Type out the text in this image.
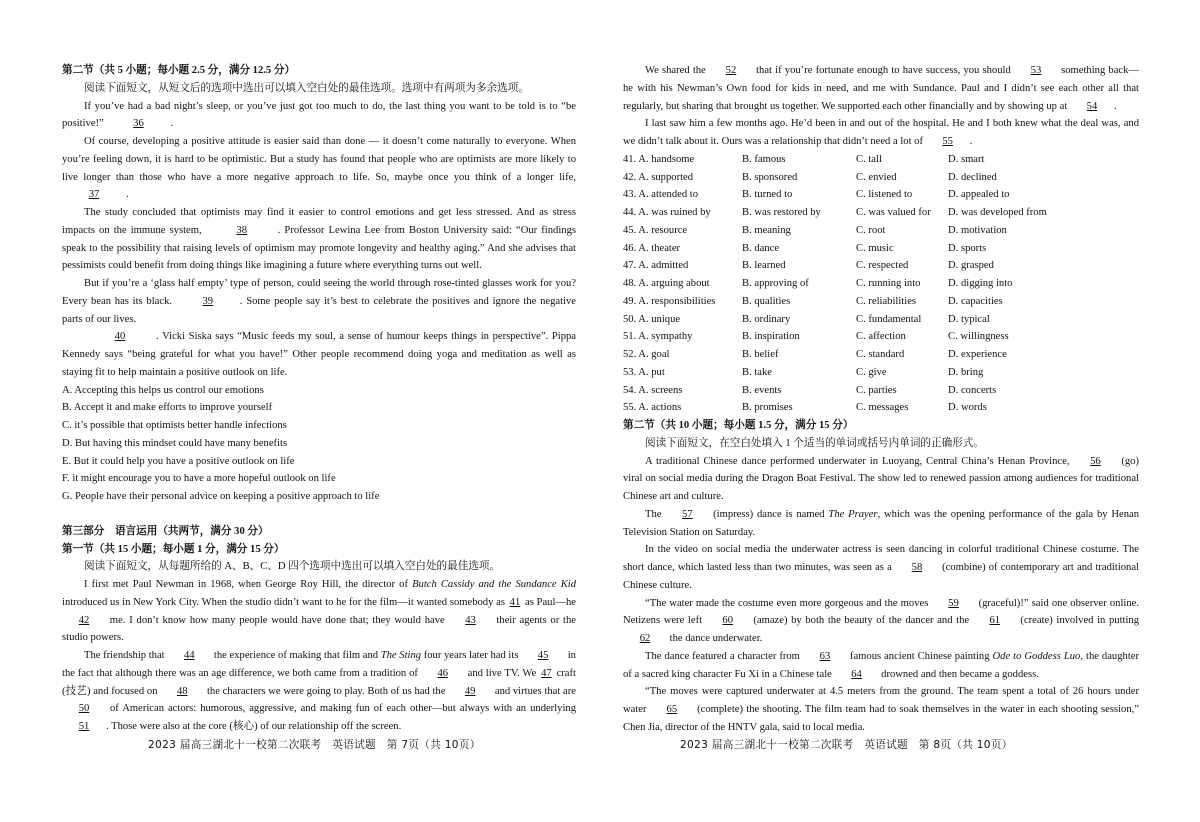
第二节（共 5 小题；每小题 2.5 分，满分 12.5 分）

阅读下面短文，从短文后的选项中选出可以填入空白处的最佳选项。选项中有两项为多余选项。

If you’ve had a bad night’s sleep, or you’ve just got too much to do, the last thing you want to be told is to “be positive!”	36	.

Of course, developing a positive attitude is easier said than done — it doesn’t come naturally to everyone. When you’re feeling down, it is hard to be optimistic. But a study has found that people who are optimists are more likely to live longer than those who have a more negative approach to life. So, maybe once you think of a longer life, 37	.

The study concluded that optimists may find it easier to control emotions and get less stressed. And as stress impacts on the immune system,	38	. Professor Lewina Lee from Boston University said: “Our findings speak to the possibility that raising levels of optimism may promote longevity and healthy aging.” And she advises that pessimists could benefit from doing things like imagining a future where everything turns out well.

But if you’re a ‘glass half empty’ type of person, could seeing the world through rose-tinted glasses work for you? Every bean has its black.	39	. Some people say it’s best to celebrate the positives and ignore the negative parts of our lives.

40	. Vicki Siska says “Music feeds my soul, a sense of humour keeps things in perspective”. Pippa Kennedy says “being grateful for what you have!” Other people recommend doing yoga and meditation as well as staying fit to help maintain a positive outlook on life.

A. Accepting this helps us control our emotions

B. Accept it and make efforts to improve yourself

C. it’s possible that optimists better handle infections

D. But having this mindset could have many benefits

E. But it could help you have a positive outlook on life

F. it might encourage you to have a more hopeful outlook on life

G. People have their personal advice on keeping a positive approach to life

第三部分　语言运用（共两节，满分 30 分）

第一节（共 15 小题；每小题 1 分，满分 15 分）

阅读下面短文，从每题所给的 A、B、C、D 四个选项中选出可以填入空白处的最佳选项。

I first met Paul Newman in 1968, when George Roy Hill, the director of Butch Cassidy and the Sundance Kid introduced us in New York City. When the studio didn’t want to he for the film—it wanted somebody as 41 as Paul—he 42 me. I don’t know how many people would have done that; they would have 43 their agents or the studio powers.

The friendship that 44 the experience of making that film and The Sting four years later had its 45 in the fact that although there was an age difference, we both came from a tradition of 46 and live TV. We 47 craft (技艺) and focused on 48 the characters we were going to play. Both of us had the 49 and virtues that are 50 of American actors: humorous, aggressive, and making fun of each other—but always with an underlying 51 . Those were also at the core (核心) of our relationship off the screen.

We shared the 52 that if you’re fortunate enough to have success, you should 53 something back—he with his Newman’s Own food for kids in need, and me with Sundance. Paul and I didn’t see each other all that regularly, but sharing that brought us together. We supported each other financially and by showing up at 54 .

I last saw him a few months ago. He’d been in and out of the hospital. He and I both knew what the deal was, and we didn’t talk about it. Ours was a relationship that didn’t need a lot of 55 .

41. A. handsome	B. famous	C. tall	D. smart
42. A. supported	B. sponsored	C. envied	D. declined
43. A. attended to	B. turned to	C. listened to	D. appealed to
44. A. was ruined by	B. was restored by	C. was valued for	D. was developed from
45. A. resource	B. meaning	C. root	D. motivation
46. A. theater	B. dance	C. music	D. sports
47. A. admitted	B. learned	C. respected	D. grasped
48. A. arguing about	B. approving of	C. running into	D. digging into
49. A. responsibilities	B. qualities	C. reliabilities	D. capacities
50. A. unique	B. ordinary	C. fundamental	D. typical
51. A. sympathy	B. inspiration	C. affection	C. willingness
52. A. goal	B. belief	C. standard	D. experience
53. A. put	B. take	C. give	D. bring
54. A. screens	B. events	C. parties	D. concerts
55. A. actions	B. promises	C. messages	D. words

第二节（共 10 小题；每小题 1.5 分，满分 15 分）

阅读下面短文，在空白处填入 1 个适当的单词或括号内单词的正确形式。

A traditional Chinese dance performed underwater in Luoyang, Central China’s Henan Province, 56 (go) viral on social media during the Dragon Boat Festival. The show led to renewed passion among audiences for traditional Chinese art and culture.

The 57 (impress) dance is named The Prayer, which was the opening performance of the gala by Henan Television Station on Saturday.

In the video on social media the underwater actress is seen dancing in colorful traditional Chinese costume. The short dance, which lasted less than two minutes, was seen as a 58 (combine) of contemporary art and traditional Chinese culture.

“The water made the costume even more gorgeous and the moves 59 (graceful)!” said one observer online. Netizens were left 60 (amaze) by both the beauty of the dancer and the 61 (create) involved in putting 62 the dance underwater.

The dance featured a character from 63 famous ancient Chinese painting Ode to Goddess Luo, the daughter of a sacred king character Fu Xi in a Chinese tale 64 drowned and then became a goddess.

“The moves were captured underwater at 4.5 meters from the ground. The team spent a total of 26 hours under water 65 (complete) the shooting. The film team had to soak themselves in the water in each shooting session,” Chen Jia, director of the HNTV gala, said to local media.

2023 届高三湖北十一校第二次联考　英语试题　第 7页（共 10页）	2023 届高三湖北十一校第二次联考　英语试题　第 8页（共 10页）
